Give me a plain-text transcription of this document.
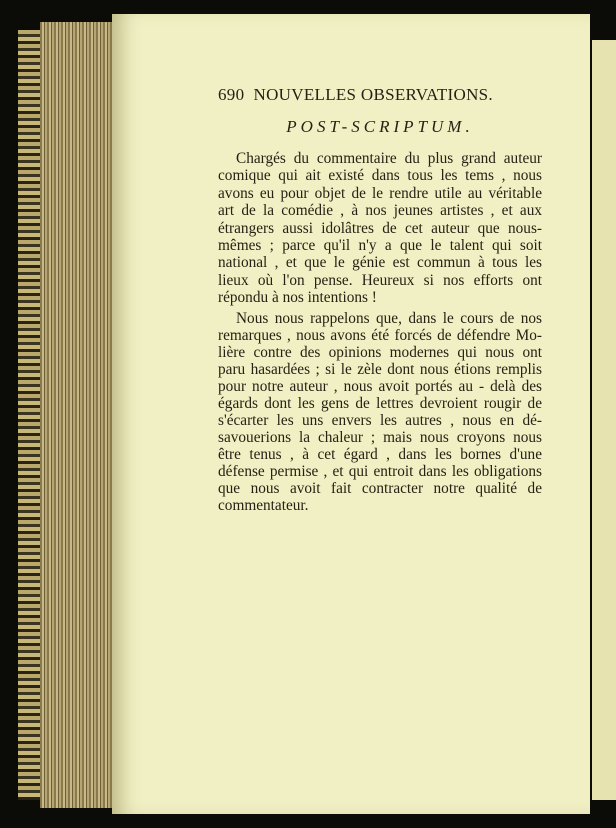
690 NOUVELLES OBSERVATIONS.
POST-SCRIPTUM.
Chargés du commentaire du plus grand auteur
comique qui ait existé dans tous les tems , nous
avons eu pour objet de le rendre utile au véritable
art de la comédie , à nos jeunes artistes , et aux
étrangers aussi idolâtres de cet auteur que nous-
mêmes ; parce qu'il n'y a que le talent qui soit
national , et que le génie est commun à tous les
lieux où l'on pense. Heureux si nos efforts ont
répondu à nos intentions !
Nous nous rappelons que, dans le cours de nos
remarques , nous avons été forcés de défendre Mo-
lière contre des opinions modernes qui nous ont
paru hasardées ; si le zèle dont nous étions remplis
pour notre auteur , nous avoit portés au - delà des
égards dont les gens de lettres devroient rougir de
s'écarter les uns envers les autres , nous en dé-
savouerions la chaleur ; mais nous croyons nous
être tenus , à cet égard , dans les bornes d'une
défense permise , et qui entroit dans les obligations
que nous avoit fait contracter notre qualité de
commentateur.
